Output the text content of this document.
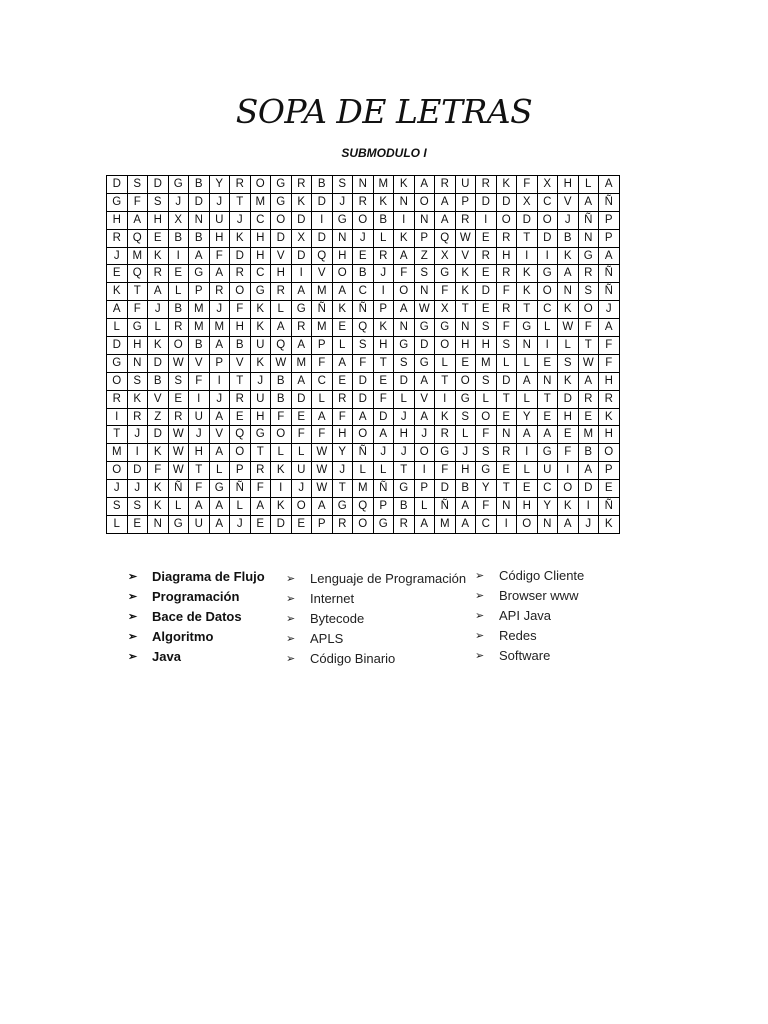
SOPA DE LETRAS
SUBMODULO I
D	S	D	G	B	Y	R	O	G	R	B	S	N	M	K	A	R	U	R	K	F	X	H	L	A
G	F	S	J	D	J	T	M	G	K	D	J	R	K	N	O	A	P	D	D	X	C	V	A	Ñ
H	A	H	X	N	U	J	C	O	D	I	G	O	B	I	N	A	R	I	O	D	O	J	Ñ	P
R	Q	E	B	B	H	K	H	D	X	D	N	J	L	K	P	Q	W	E	R	T	D	B	N	P
J	M	K	I	A	F	D	H	V	D	Q	H	E	R	A	Z	X	V	R	H	I	I	K	G	A
E	Q	R	E	G	A	R	C	H	I	V	O	B	J	F	S	G	K	E	R	K	G	A	R	Ñ
K	T	A	L	P	R	O	G	R	A	M	A	C	I	O	N	F	K	D	F	K	O	N	S	Ñ
A	F	J	B	M	J	F	K	L	G	Ñ	K	Ñ	P	A	W	X	T	E	R	T	C	K	O	J
L	G	L	R	M	M	H	K	A	R	M	E	Q	K	N	G	G	N	S	F	G	L	W	F	A
D	H	K	O	B	A	B	U	Q	A	P	L	S	H	G	D	O	H	H	S	N	I	L	T	F
G	N	D	W	V	P	V	K	W	M	F	A	F	T	S	G	L	E	M	L	L	E	S	W	F
O	S	B	S	F	I	T	J	B	A	C	E	D	E	D	A	T	O	S	D	A	N	K	A	H
R	K	V	E	I	J	R	U	B	D	L	R	D	F	L	V	I	G	L	T	L	T	D	R	R
I	R	Z	R	U	A	E	H	F	E	A	F	A	D	J	A	K	S	O	E	Y	E	H	E	K
T	J	D	W	J	V	Q	G	O	F	F	H	O	A	H	J	R	L	F	N	A	A	E	M	H
M	I	K	W	H	A	O	T	L	L	W	Y	Ñ	J	J	O	G	J	S	R	I	G	F	B	O
O	D	F	W	T	L	P	R	K	U	W	J	L	L	T	I	F	H	G	E	L	U	I	A	P
J	J	K	Ñ	F	G	Ñ	F	I	J	W	T	M	Ñ	G	P	D	B	Y	T	E	C	O	D	E
S	S	K	L	A	A	L	A	K	O	A	G	Q	P	B	L	Ñ	A	F	N	H	Y	K	I	Ñ
L	E	N	G	U	A	J	E	D	E	P	R	O	G	R	A	M	A	C	I	O	N	A	J	K
➢	Diagrama de Flujo
➢	Programación
➢	Bace de Datos
➢	Algoritmo
➢	Java
➢	Lenguaje de Programación
➢	Internet
➢	Bytecode
➢	APLS
➢	Código Binario
➢	Código Cliente
➢	Browser www
➢	API Java
➢	Redes
➢	Software
